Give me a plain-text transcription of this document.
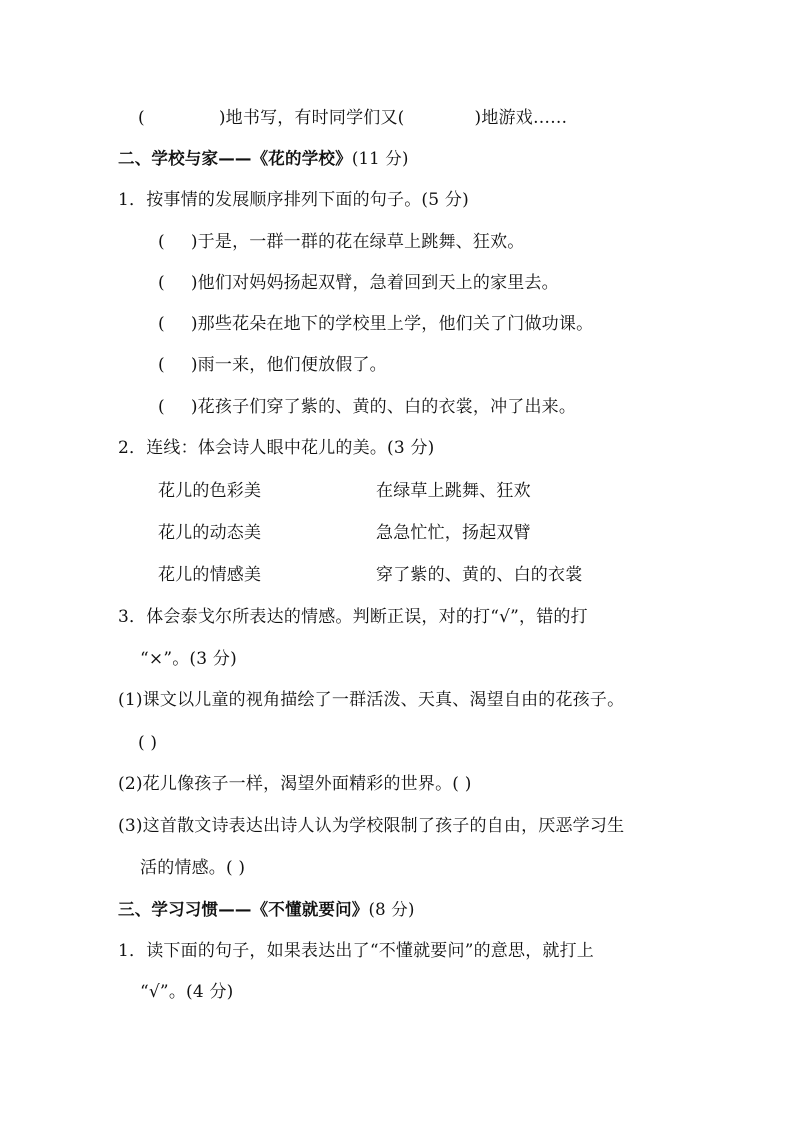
(	)地书写，有时同学们又(	)地游戏……
二、学校与家——《花的学校》(11 分)
1．按事情的发展顺序排列下面的句子。(5 分)
( )于是，一群一群的花在绿草上跳舞、狂欢。
( )他们对妈妈扬起双臂，急着回到天上的家里去。
( )那些花朵在地下的学校里上学，他们关了门做功课。
( )雨一来，他们便放假了。
( )花孩子们穿了紫的、黄的、白的衣裳，冲了出来。
2．连线：体会诗人眼中花儿的美。(3 分)
花儿的色彩美	在绿草上跳舞、狂欢
花儿的动态美	急急忙忙，扬起双臂
花儿的情感美	穿了紫的、黄的、白的衣裳
3．体会泰戈尔所表达的情感。判断正误，对的打“√”，错的打
“×”。(3 分)
(1)课文以儿童的视角描绘了一群活泼、天真、渴望自由的花孩子。
( )
(2)花儿像孩子一样，渴望外面精彩的世界。( )
(3)这首散文诗表达出诗人认为学校限制了孩子的自由，厌恶学习生
活的情感。( )
三、学习习惯——《不懂就要问》(8 分)
1．读下面的句子，如果表达出了“不懂就要问”的意思，就打上
“√”。(4 分)
